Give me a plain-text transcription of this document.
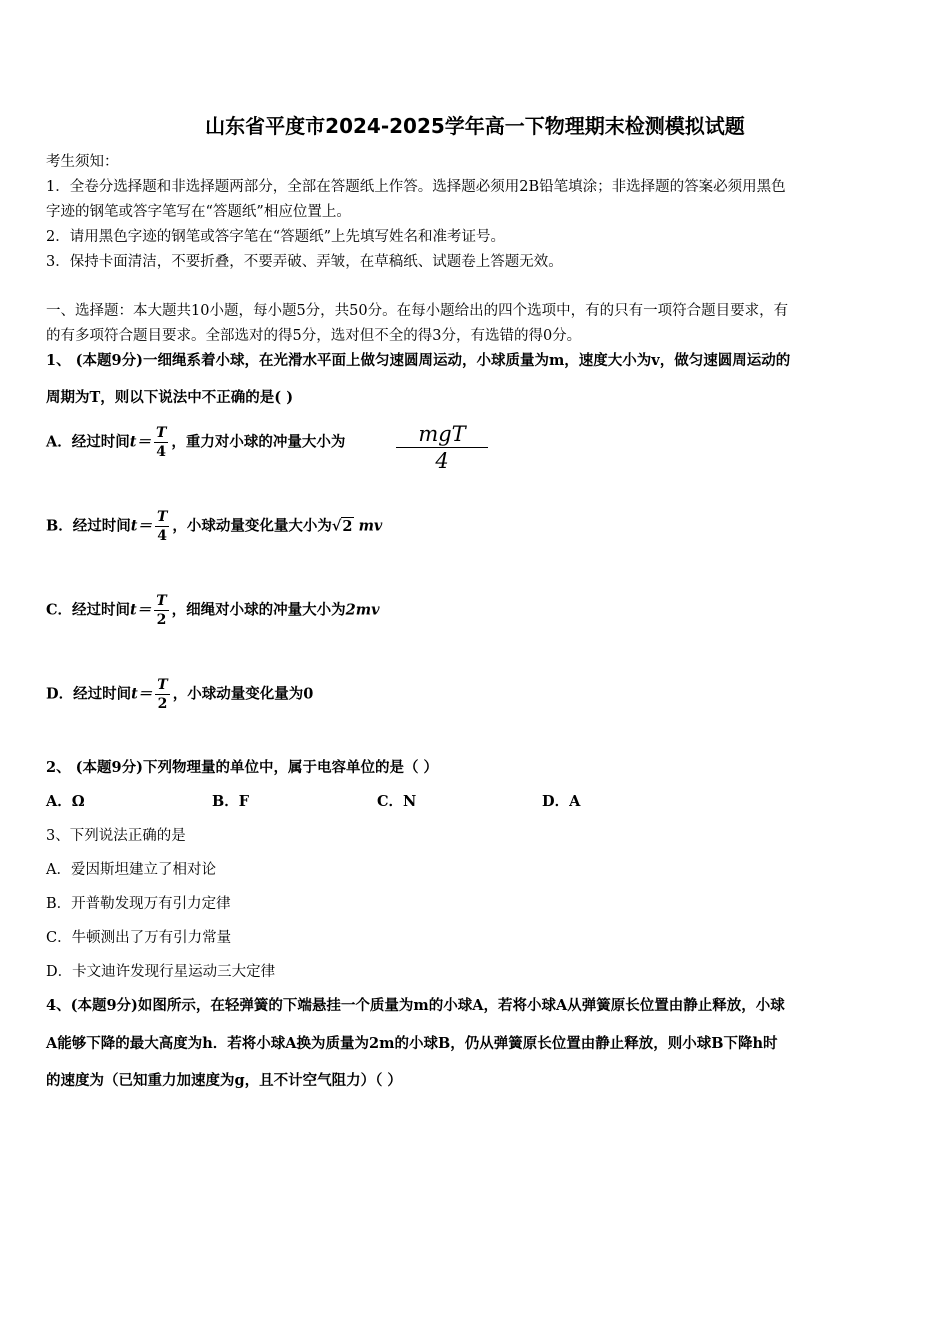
山东省平度市2024-2025学年高一下物理期末检测模拟试题
考生须知：
1．全卷分选择题和非选择题两部分，全部在答题纸上作答。选择题必须用2B铅笔填涂；非选择题的答案必须用黑色
字迹的钢笔或答字笔写在“答题纸”相应位置上。
2．请用黑色字迹的钢笔或答字笔在“答题纸”上先填写姓名和准考证号。
3．保持卡面清洁，不要折叠，不要弄破、弄皱，在草稿纸、试题卷上答题无效。
一、选择题：本大题共10小题，每小题5分，共50分。在每小题给出的四个选项中，有的只有一项符合题目要求，有
的有多项符合题目要求。全部选对的得5分，选对但不全的得3分，有选错的得0分。
1、 (本题9分)一细绳系着小球，在光滑水平面上做匀速圆周运动，小球质量为m，速度大小为v，做匀速圆周运动的
周期为T，则以下说法中不正确的是( )
A．经过时间$t= \frac{T}{4}$ ，重力对小球的冲量大小为	mgT
4
B．经过时间$t= \frac{T}{4}$ ，小球动量变化量大小为√2 mv
C．经过时间$t= \frac{T}{2}$ ，细绳对小球的冲量大小为2mv
D．经过时间$t= \frac{T}{2}$ ，小球动量变化量为0
2、 (本题9分)下列物理量的单位中，属于电容单位的是（ ）
A．Ω	B．F	C．N	D．A
3、下列说法正确的是
A．爱因斯坦建立了相对论
B．开普勒发现万有引力定律
C．牛顿测出了万有引力常量
D．卡文迪许发现行星运动三大定律
4、(本题9分)如图所示，在轻弹簧的下端悬挂一个质量为m的小球A，若将小球A从弹簧原长位置由静止释放，小球
A能够下降的最大高度为h．若将小球A换为质量为2m的小球B，仍从弹簧原长位置由静止释放，则小球B下降h时
的速度为（已知重力加速度为g，且不计空气阻力）（ ）
